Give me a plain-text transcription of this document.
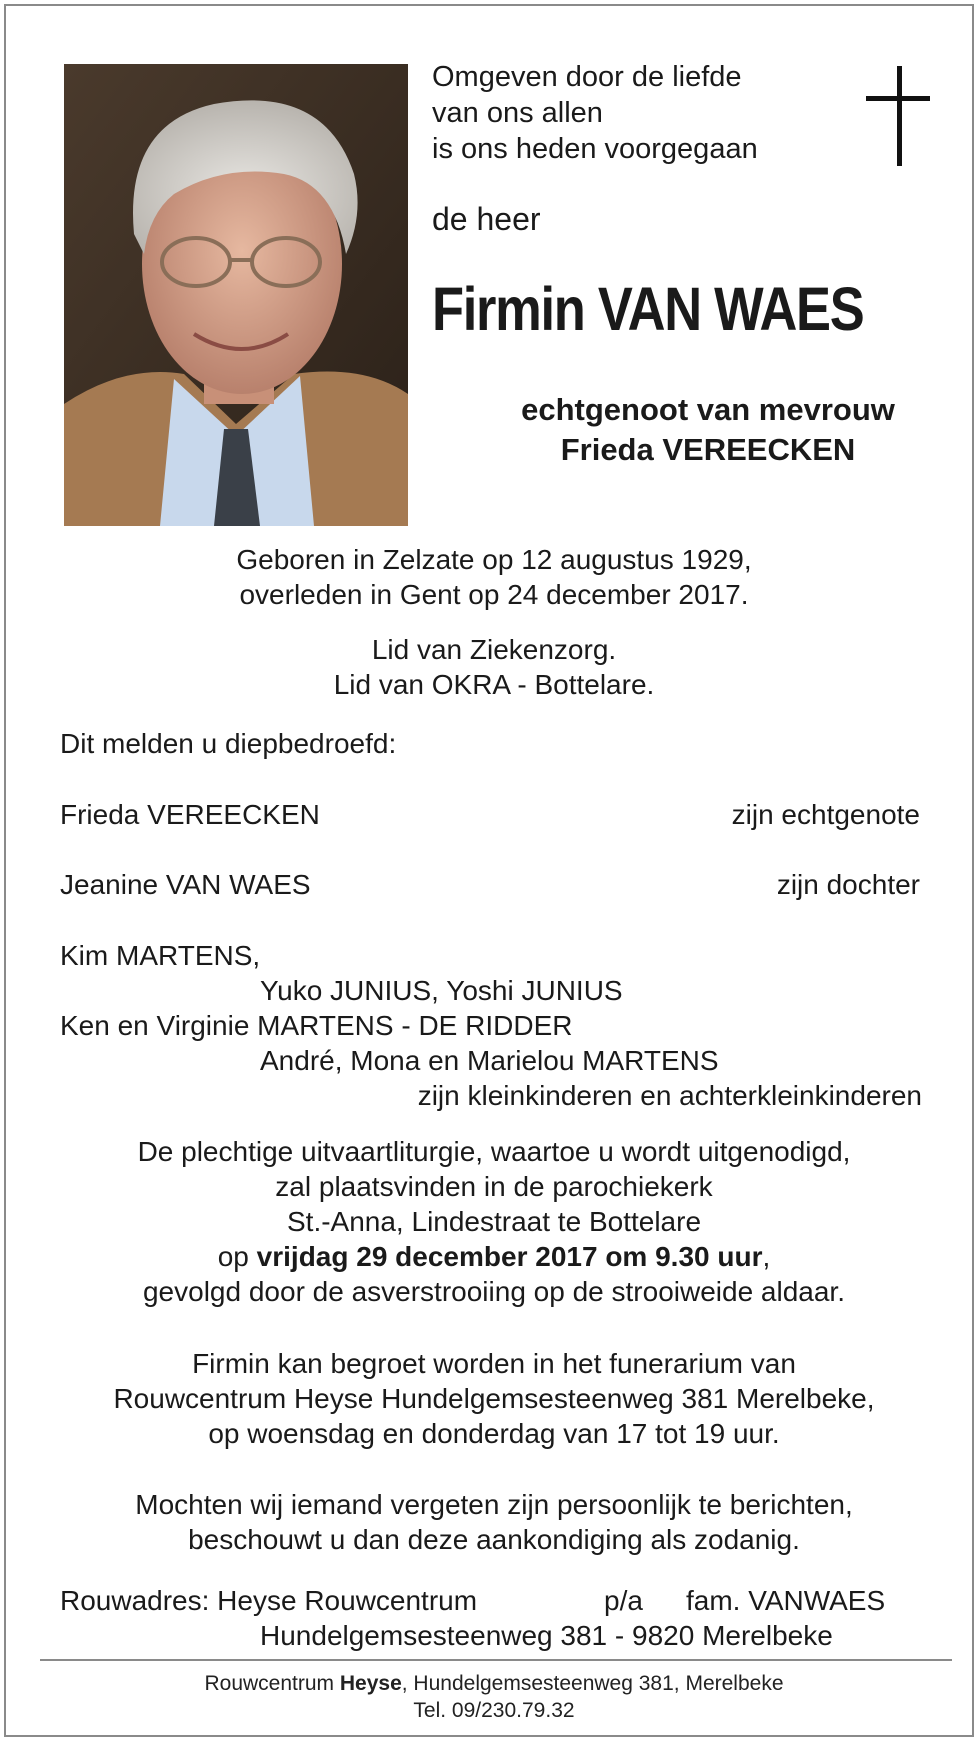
Omgeven door de liefde
van ons allen
is ons heden voorgegaan
de heer
Firmin VAN WAES
echtgenoot van mevrouw
Frieda VEREECKEN
Geboren in Zelzate op 12 augustus 1929,
overleden in Gent op 24 december 2017.
Lid van Ziekenzorg.
Lid van OKRA - Bottelare.
Dit melden u diepbedroefd:
Frieda VEREECKEN	zijn echtgenote
Jeanine VAN WAES	zijn dochter
Kim MARTENS,
Yuko JUNIUS, Yoshi JUNIUS
Ken en Virginie MARTENS - DE RIDDER
André, Mona en Marielou MARTENS
zijn kleinkinderen en achterkleinkinderen
De plechtige uitvaartliturgie, waartoe u wordt uitgenodigd,
zal plaatsvinden in de parochiekerk
St.-Anna, Lindestraat te Bottelare
op vrijdag 29 december 2017 om 9.30 uur,
gevolgd door de asverstrooiing op de strooiweide aldaar.
Firmin kan begroet worden in het funerarium van
Rouwcentrum Heyse Hundelgemsesteenweg 381 Merelbeke,
op woensdag en donderdag van 17 tot 19 uur.
Mochten wij iemand vergeten zijn persoonlijk te berichten,
beschouwt u dan deze aankondiging als zodanig.
Rouwadres: Heyse Rouwcentrum	p/a fam. VANWAES
Hundelgemsesteenweg 381 - 9820 Merelbeke
Rouwcentrum Heyse, Hundelgemsesteenweg 381, Merelbeke
Tel. 09/230.79.32
